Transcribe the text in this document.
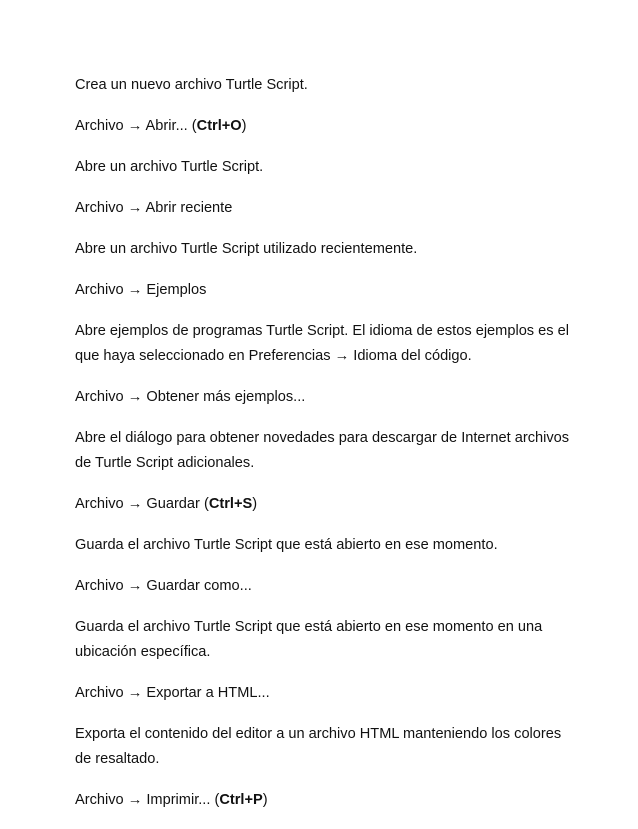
Crea un nuevo archivo Turtle Script.

Archivo → Abrir... (Ctrl+O)

Abre un archivo Turtle Script.

Archivo → Abrir reciente

Abre un archivo Turtle Script utilizado recientemente.

Archivo → Ejemplos

Abre ejemplos de programas Turtle Script. El idioma de estos ejemplos es el que haya seleccionado en Preferencias → Idioma del código.

Archivo → Obtener más ejemplos...

Abre el diálogo para obtener novedades para descargar de Internet archivos de Turtle Script adicionales.

Archivo → Guardar (Ctrl+S)

Guarda el archivo Turtle Script que está abierto en ese momento.

Archivo → Guardar como...

Guarda el archivo Turtle Script que está abierto en ese momento en una ubicación específica.

Archivo → Exportar a HTML...

Exporta el contenido del editor a un archivo HTML manteniendo los colores de resaltado.

Archivo → Imprimir... (Ctrl+P)
